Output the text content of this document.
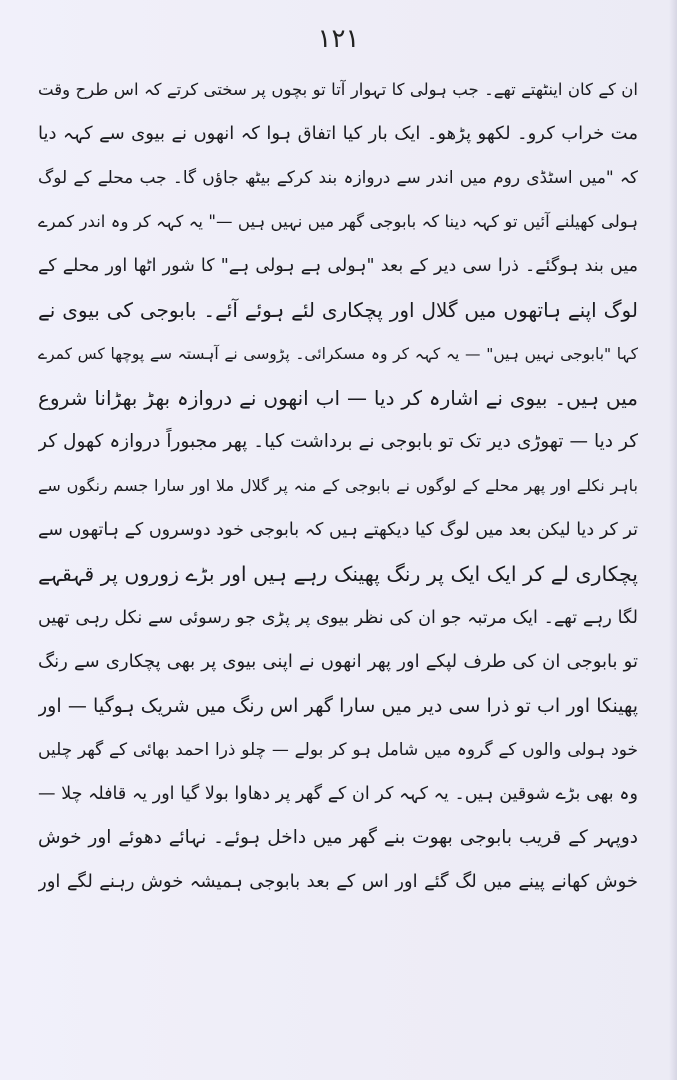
۱۲۱
ان کے کان اینٹھتے تھے۔ جب ہولی کا تہوار آتا تو بچوں پر سختی کرتے کہ اس طرح وقت
مت خراب کرو۔ لکھو پڑھو۔ ایک بار کیا اتفاق ہوا کہ انھوں نے بیوی سے کہہ دیا
کہ "میں اسٹڈی روم میں اندر سے دروازہ بند کرکے بیٹھ جاؤں گا۔ جب محلے کے لوگ
ہولی کھیلنے آئیں تو کہہ دینا کہ بابوجی گھر میں نہیں ہیں —" یہ کہہ کر وہ اندر کمرے
میں بند ہوگئے۔ ذرا سی دیر کے بعد "ہولی ہے ہولی ہے" کا شور اٹھا اور محلے کے
لوگ اپنے ہاتھوں میں گلال اور پچکاری لئے ہوئے آئے۔ بابوجی کی بیوی نے
کہا "بابوجی نہیں ہیں" — یہ کہہ کر وہ مسکرائی۔ پڑوسی نے آہستہ سے پوچھا کس کمرے
میں ہیں۔ بیوی نے اشارہ کر دیا — اب انھوں نے دروازہ بھڑ بھڑانا شروع
کر دیا — تھوڑی دیر تک تو بابوجی نے برداشت کیا۔ پھر مجبوراً دروازہ کھول کر
باہر نکلے اور پھر محلے کے لوگوں نے بابوجی کے منہ پر گلال ملا اور سارا جسم رنگوں سے
تر کر دیا لیکن بعد میں لوگ کیا دیکھتے ہیں کہ بابوجی خود دوسروں کے ہاتھوں سے
پچکاری لے کر ایک ایک پر رنگ پھینک رہے ہیں اور بڑے زوروں پر قہقہے
لگا رہے تھے۔ ایک مرتبہ جو ان کی نظر بیوی پر پڑی جو رسوئی سے نکل رہی تھیں
تو بابوجی ان کی طرف لپکے اور پھر انھوں نے اپنی بیوی پر بھی پچکاری سے رنگ
پھینکا اور اب تو ذرا سی دیر میں سارا گھر اس رنگ میں شریک ہوگیا — اور
خود ہولی والوں کے گروہ میں شامل ہو کر بولے — چلو ذرا احمد بھائی کے گھر چلیں
وہ بھی بڑے شوقین ہیں۔ یہ کہہ کر ان کے گھر پر دھاوا بولا گیا اور یہ قافلہ چلا —
دوپہر کے قریب بابوجی بھوت بنے گھر میں داخل ہوئے۔ نہائے دھوئے اور خوش
خوش کھانے پینے میں لگ گئے اور اس کے بعد بابوجی ہمیشہ خوش رہنے لگے اور
